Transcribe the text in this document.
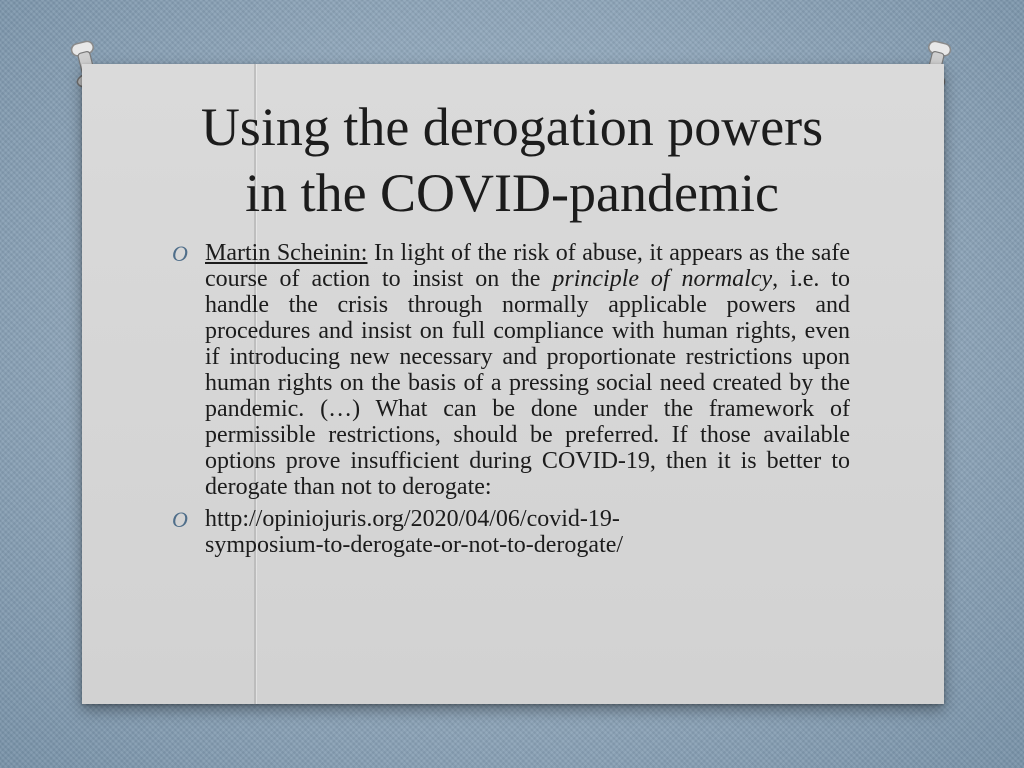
Using the derogation powers
in the COVID-pandemic
O Martin Scheinin: In light of the risk of abuse, it appears as the safe course of action to insist on the principle of normalcy, i.e. to handle the crisis through normally applicable powers and procedures and insist on full compliance with human rights, even if introducing new necessary and proportionate restrictions upon human rights on the basis of a pressing social need created by the pandemic. (…) What can be done under the framework of permissible restrictions, should be preferred. If those available options prove insufficient during COVID-19, then it is better to derogate than not to derogate:
O http://opiniojuris.org/2020/04/06/covid-19-
symposium-to-derogate-or-not-to-derogate/
